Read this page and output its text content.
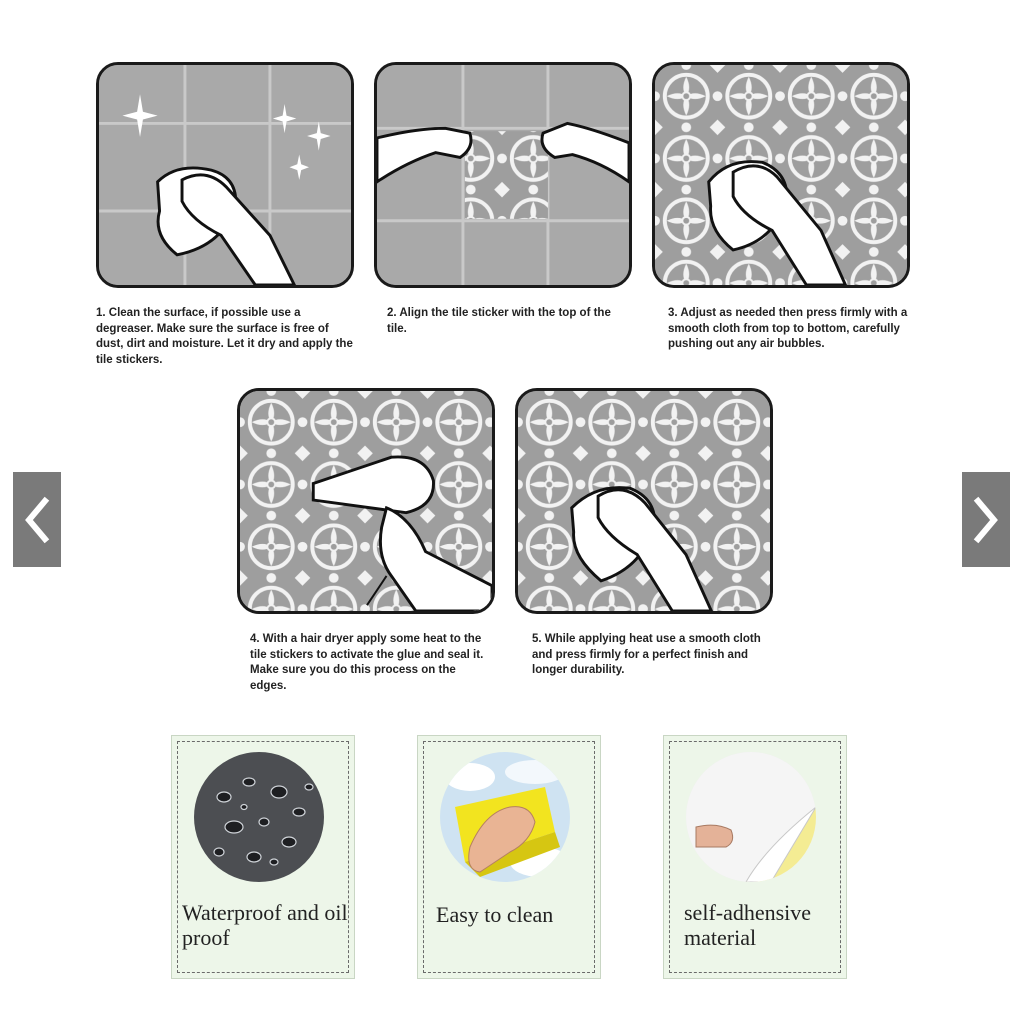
1. Clean the surface, if possible use a degreaser. Make sure the surface is free of dust, dirt and moisture. Let it dry and apply the tile stickers.
2. Align the tile sticker with the top of the tile.
3. Adjust as needed then press firmly with a smooth cloth from top to bottom, carefully pushing out any air bubbles.
4. With a hair dryer apply some heat to the tile stickers to activate the glue and seal it. Make sure you do this process on the edges.
5. While applying heat use a smooth cloth and press firmly for a perfect finish and longer durability.
Waterproof and oil proof
Easy to clean	self-adhensive material
